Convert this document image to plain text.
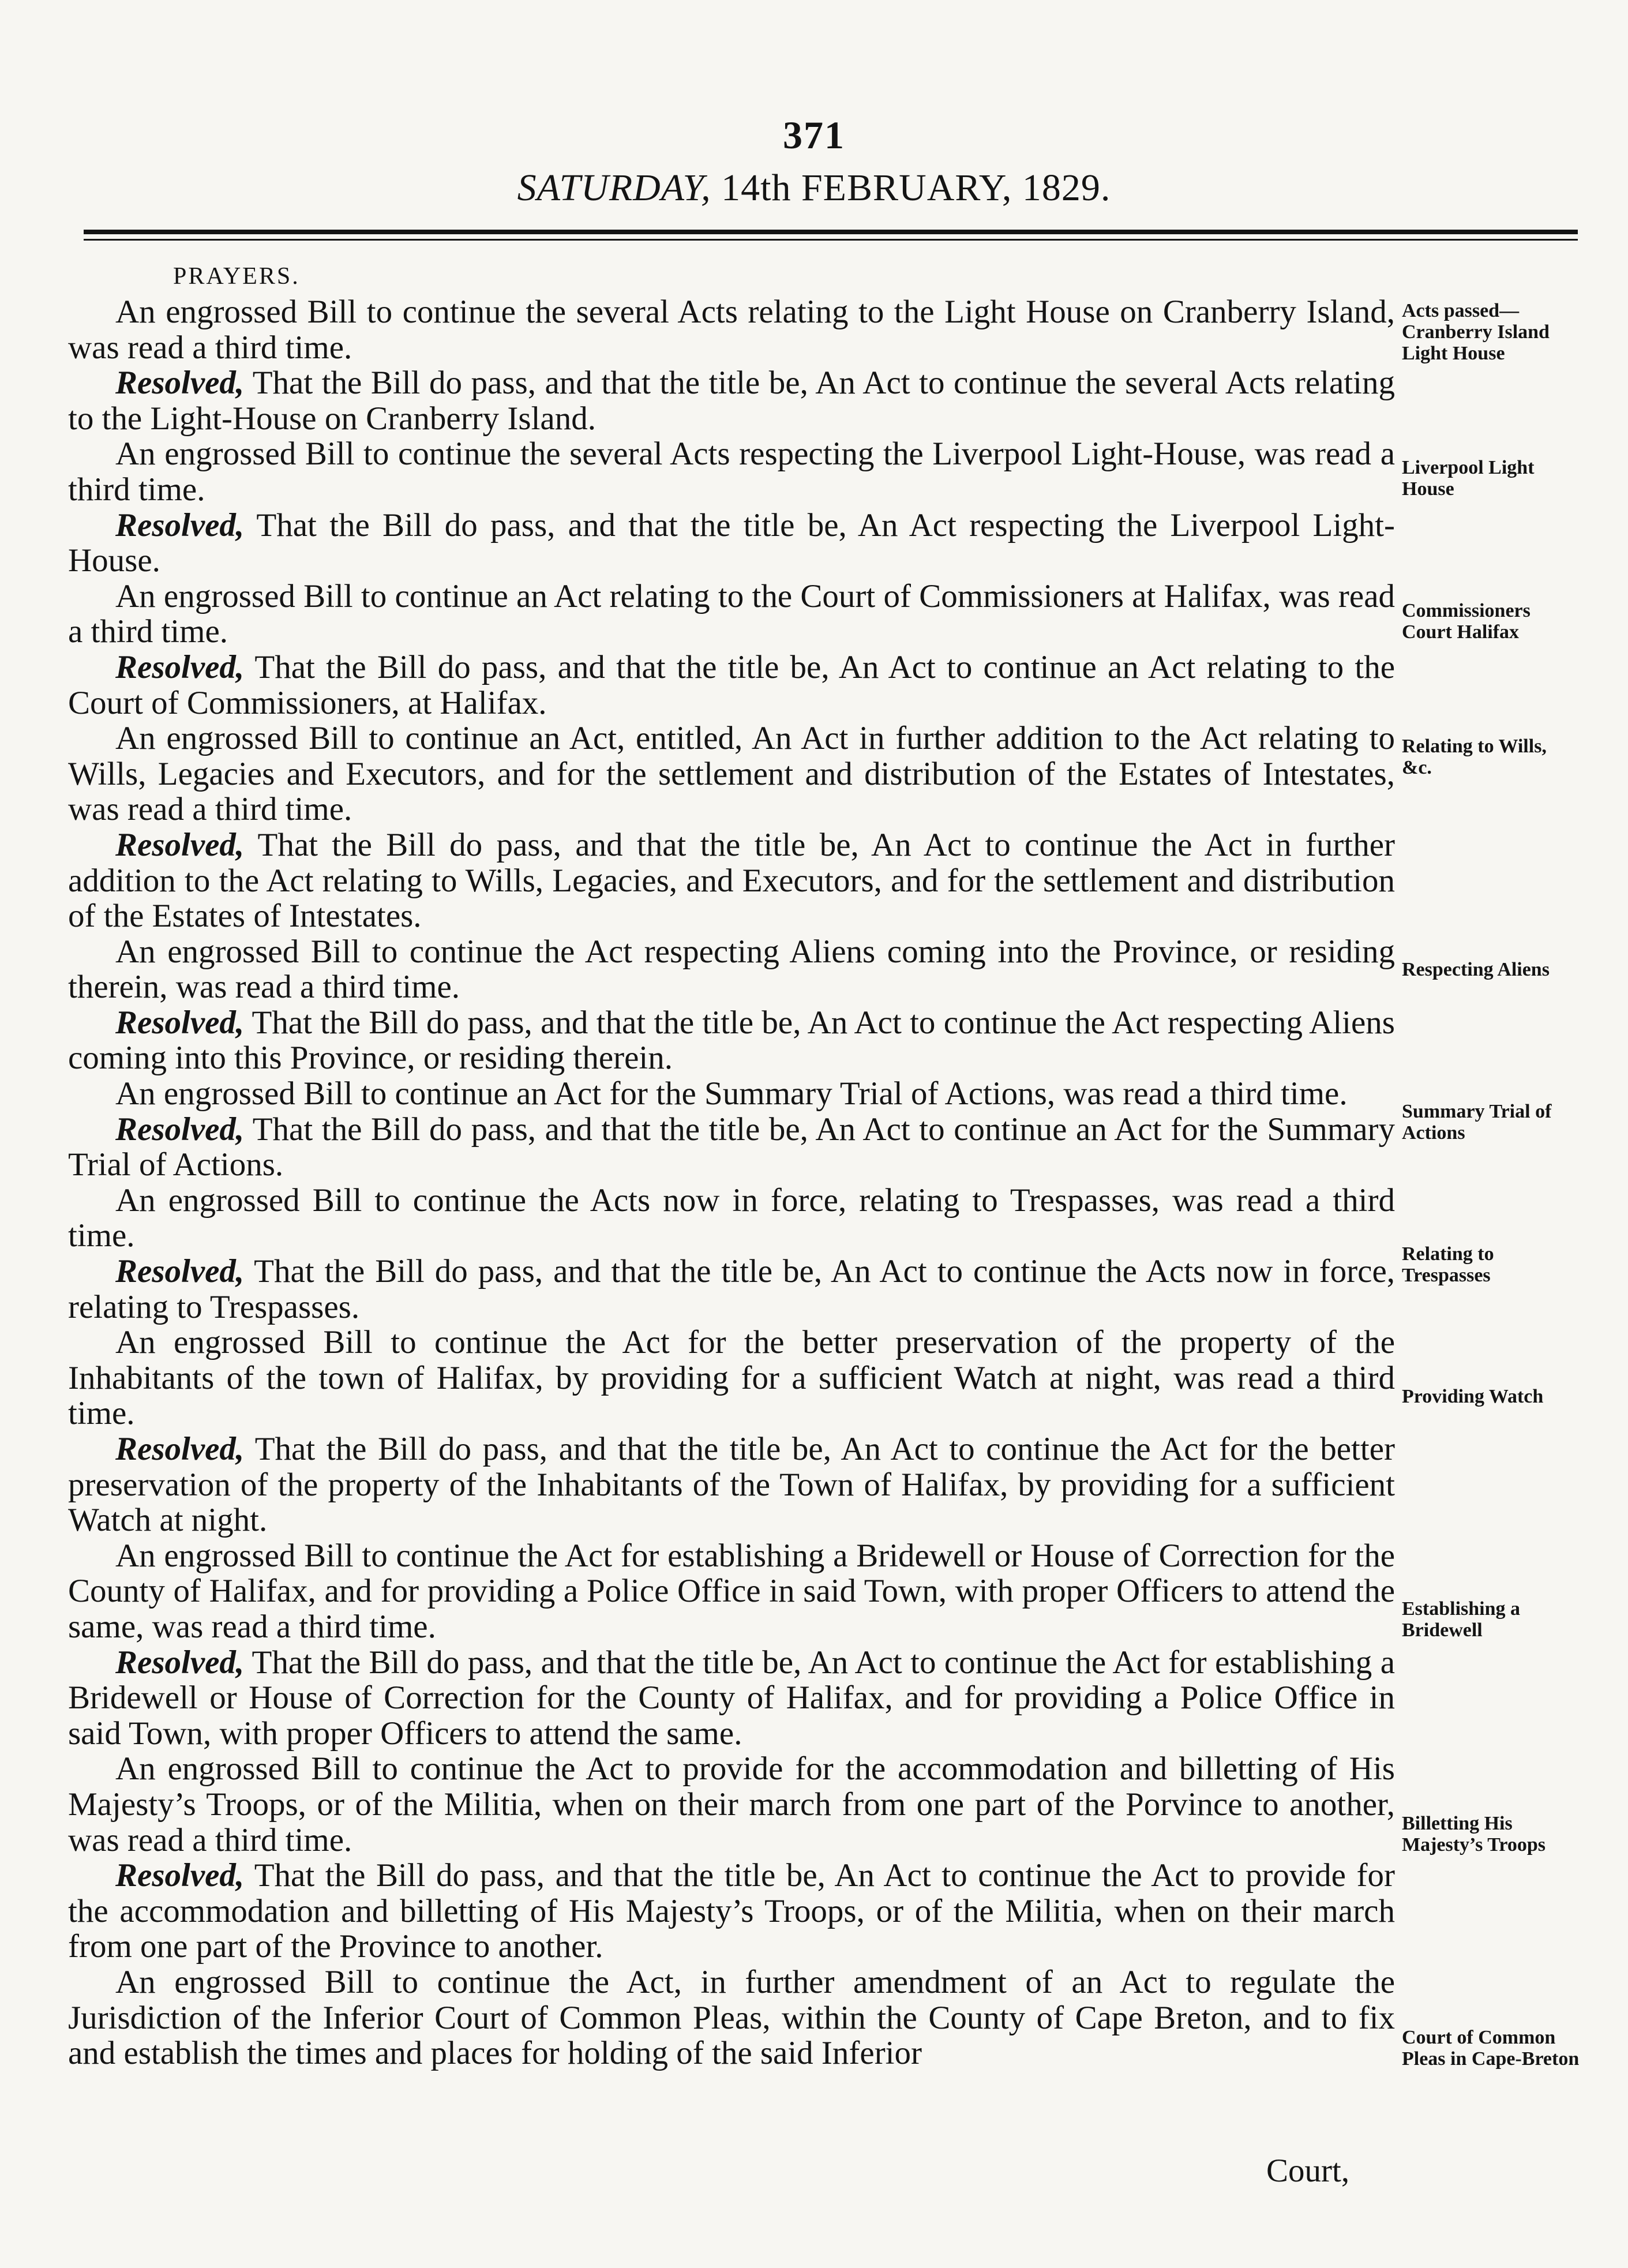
371
SATURDAY, 14th FEBRUARY, 1829.
PRAYERS.

An engrossed Bill to continue the several Acts relating to the Light House on Cranberry Island, was read a third time.

Resolved, That the Bill do pass, and that the title be, An Act to continue the several Acts relating to the Light-House on Cranberry Island.

An engrossed Bill to continue the several Acts respecting the Liverpool Light-House, was read a third time.

Resolved, That the Bill do pass, and that the title be, An Act respecting the Liverpool Light-House.

An engrossed Bill to continue an Act relating to the Court of Commissioners at Halifax, was read a third time.

Resolved, That the Bill do pass, and that the title be, An Act to continue an Act relating to the Court of Commissioners, at Halifax.

An engrossed Bill to continue an Act, entitled, An Act in further addition to the Act relating to Wills, Legacies and Executors, and for the settlement and distribution of the Estates of Intestates, was read a third time.

Resolved, That the Bill do pass, and that the title be, An Act to continue the Act in further addition to the Act relating to Wills, Legacies, and Executors, and for the settlement and distribution of the Estates of Intestates.

An engrossed Bill to continue the Act respecting Aliens coming into the Province, or residing therein, was read a third time.

Resolved, That the Bill do pass, and that the title be, An Act to continue the Act respecting Aliens coming into this Province, or residing therein.

An engrossed Bill to continue an Act for the Summary Trial of Actions, was read a third time.

Resolved, That the Bill do pass, and that the title be, An Act to continue an Act for the Summary Trial of Actions.

An engrossed Bill to continue the Acts now in force, relating to Trespasses, was read a third time.

Resolved, That the Bill do pass, and that the title be, An Act to continue the Acts now in force, relating to Trespasses.

An engrossed Bill to continue the Act for the better preservation of the property of the Inhabitants of the town of Halifax, by providing for a sufficient Watch at night, was read a third time.

Resolved, That the Bill do pass, and that the title be, An Act to continue the Act for the better preservation of the property of the Inhabitants of the Town of Halifax, by providing for a sufficient Watch at night.

An engrossed Bill to continue the Act for establishing a Bridewell or House of Correction for the County of Halifax, and for providing a Police Office in said Town, with proper Officers to attend the same, was read a third time.

Resolved, That the Bill do pass, and that the title be, An Act to continue the Act for establishing a Bridewell or House of Correction for the County of Halifax, and for providing a Police Office in said Town, with proper Officers to attend the same.

An engrossed Bill to continue the Act to provide for the accommodation and billetting of His Majesty’s Troops, or of the Militia, when on their march from one part of the Porvince to another, was read a third time.

Resolved, That the Bill do pass, and that the title be, An Act to continue the Act to provide for the accommodation and billetting of His Majesty’s Troops, or of the Militia, when on their march from one part of the Province to another.

An engrossed Bill to continue the Act, in further amendment of an Act to regulate the Jurisdiction of the Inferior Court of Common Pleas, within the County of Cape Breton, and to fix and establish the times and places for holding of the said Inferior

Court,
Acts passed—Cranberry Island Light House
Liverpool Light House
Commissioners Court Halifax
Relating to Wills, &c.
Respecting Aliens
Summary Trial of Actions
Relating to Trespasses
Providing Watch
Establishing a Bridewell
Billetting His Majesty’s Troops
Court of Common Pleas in Cape-Breton
